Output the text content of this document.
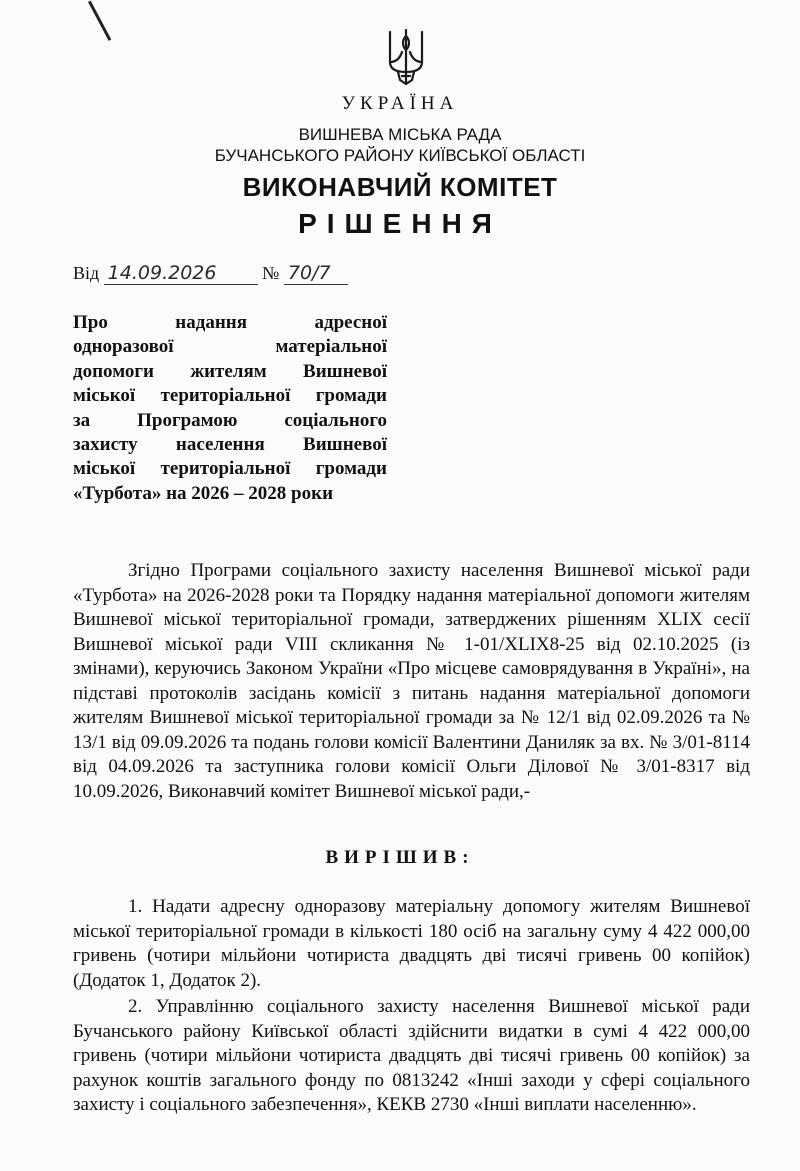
УКРАЇНА
ВИШНЕВА МІСЬКА РАДА
БУЧАНСЬКОГО РАЙОНУ КИЇВСЬКОЇ ОБЛАСТІ
ВИКОНАВЧИЙ КОМІТЕТ
РІШЕННЯ
Від 14.09.2026	№ 70/7
Про надання адресної
одноразової матеріальної
допомоги жителям Вишневої
міської територіальної громади
за Програмою соціального
захисту населення Вишневої
міської територіальної громади
«Турбота» на 2026 – 2028 роки
Згідно Програми соціального захисту населення Вишневої міської ради «Турбота» на 2026-2028 роки та Порядку надання матеріальної допомоги жителям Вишневої міської територіальної громади, затверджених рішенням XLIX сесії Вишневої міської ради VIII скликання № 1-01/XLIX8-25 від 02.10.2025 (із змінами), керуючись Законом України «Про місцеве самоврядування в Україні», на підставі протоколів засідань комісії з питань надання матеріальної допомоги жителям Вишневої міської територіальної громади за № 12/1 від 02.09.2026 та № 13/1 від 09.09.2026 та подань голови комісії Валентини Даниляк за вх. № 3/01-8114 від 04.09.2026 та заступника голови комісії Ольги Ділової № 3/01-8317 від 10.09.2026, Виконавчий комітет Вишневої міської ради,-
ВИРІШИВ:
1. Надати адресну одноразову матеріальну допомогу жителям Вишневої міської територіальної громади в кількості 180 осіб на загальну суму 4 422 000,00 гривень (чотири мільйони чотириста двадцять дві тисячі гривень 00 копійок) (Додаток 1, Додаток 2).
2. Управлінню соціального захисту населення Вишневої міської ради Бучанського району Київської області здійснити видатки в сумі 4 422 000,00 гривень (чотири мільйони чотириста двадцять дві тисячі гривень 00 копійок) за рахунок коштів загального фонду по 0813242 «Інші заходи у сфері соціального захисту і соціального забезпечення», КЕКВ 2730 «Інші виплати населенню».
